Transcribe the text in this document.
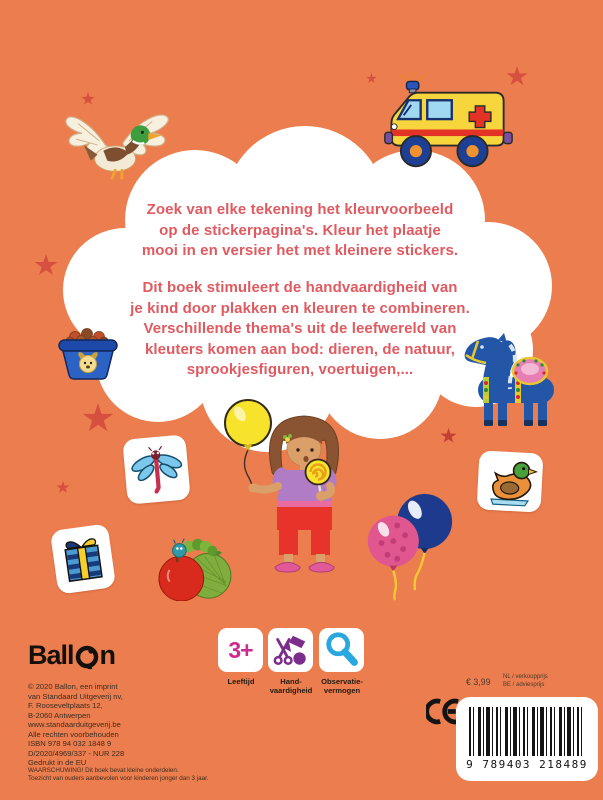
Zoek van elke tekening het kleurvoorbeeld
op de stickerpagina's. Kleur het plaatje
mooi in en versier het met kleinere stickers.
Dit boek stimuleert de handvaardigheid van
je kind door plakken en kleuren te combineren.
Verschillende thema's uit de leefwereld van
kleuters komen aan bod: dieren, de natuur,
sprookjesfiguren, voertuigen,...
Ball n
© 2020 Ballon, een imprint
van Standaard Uitgeverij nv,
F. Rooseveltplaats 12,
B-2060 Antwerpen
www.standaarduitgeverij.be
Alle rechten voorbehouden
ISBN 978 94 032 1848 9
D/2020/4969/337 - NUR 228
Gedrukt in de EU
WAARSCHUWING! Dit boek bevat kleine onderdelen.
Toezicht van ouders aanbevolen voor kinderen jonger dan 3 jaar.
3+
Leeftijd	Hand-
vaardigheid
Observatie-
vermogen
€ 3,99 NL / verkoopprijs
BE / adviesprijs
9 789403 218489
